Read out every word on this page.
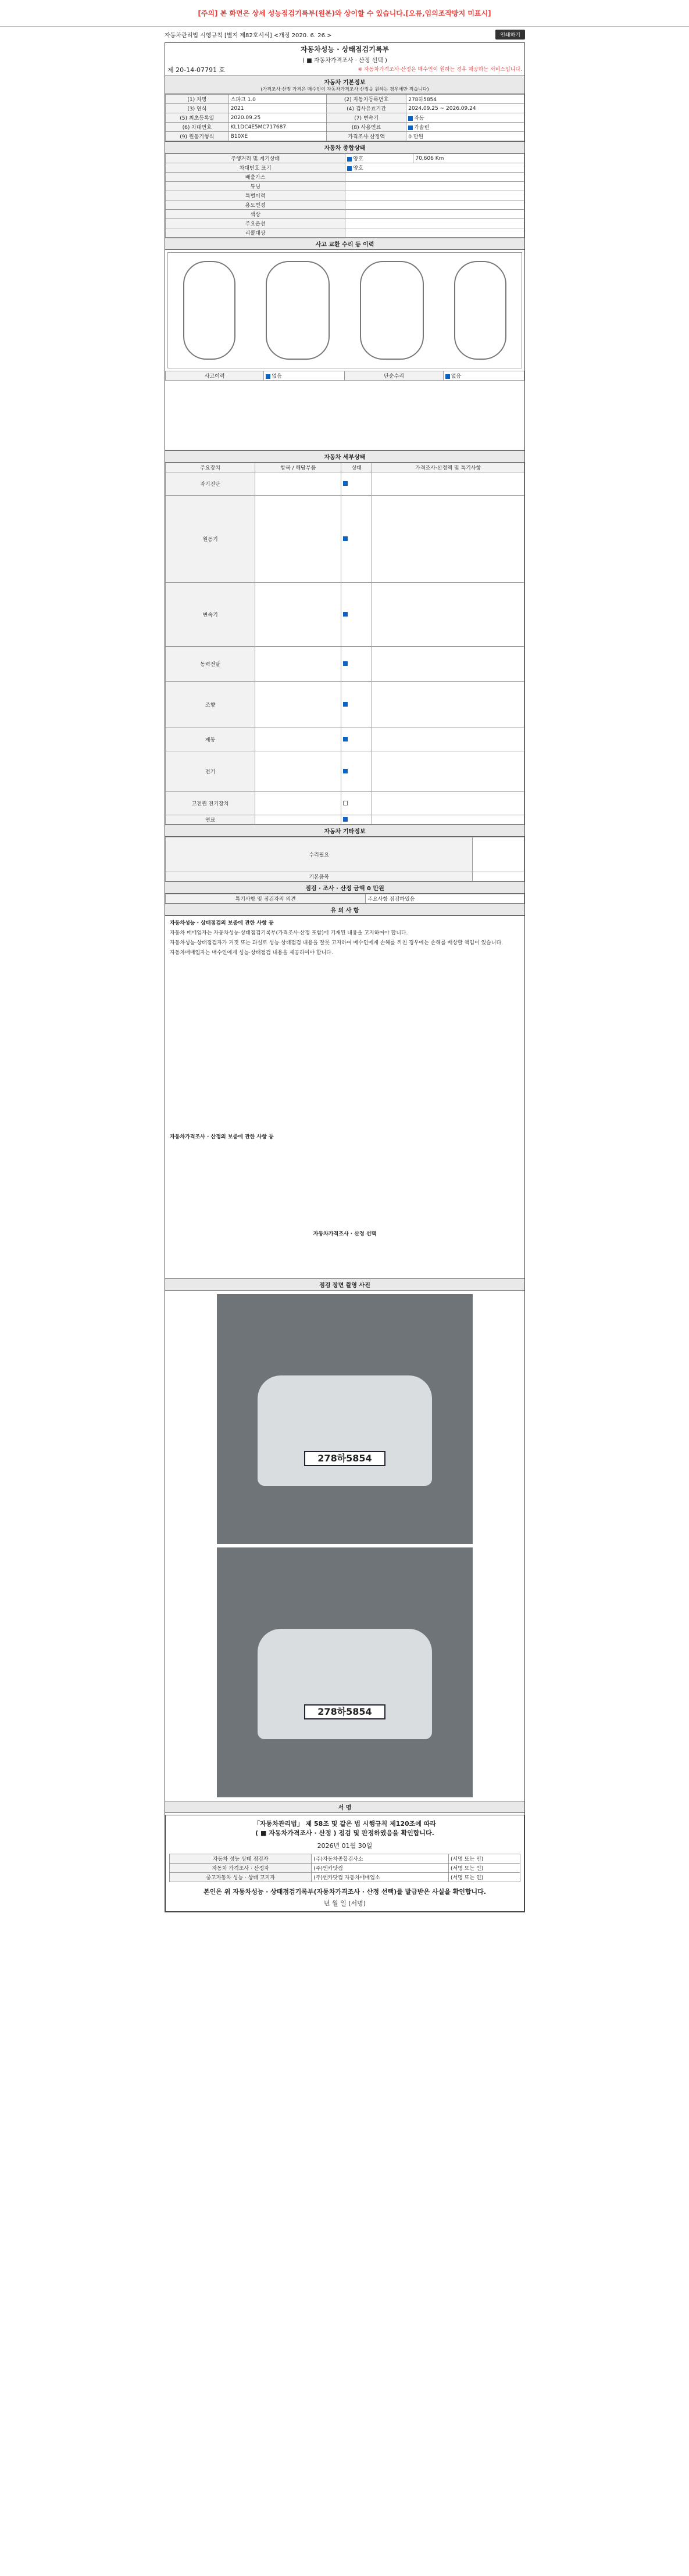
[주의] 본 화면은 상세 성능점검기록부(원본)와 상이할 수 있습니다.[오류,임의조작방지 미표시]
자동차관리법 시행규칙 [별지 제82호서식] <개정 2020. 6. 26.>	인쇄하기
자동차성능 · 상태점검기록부
( ■ 자동차가격조사 · 산정 선택 )
제 20-14-07791 호	※ 자동차가격조사·산정은 매수인이 원하는 경우 제공하는 서비스입니다.
자동차 기본정보
(가격조사·산정 가격은 매수인이 자동차가격조사·산정을 원하는 경우에만 적습니다)
(1) 차명	스파크 1.0	(2) 자동차등록번호	278하5854
(3) 연식	2021	(4) 검사유효기간	2024.09.25 ~ 2026.09.24
(5) 최초등록일	2020.09.25	(7) 변속기	자동
(6) 차대번호	KL1DC4E5MC717687	(8) 사용연료	가솔린
(9) 원동기형식	B10XE	가격조사·산정액	0 만원
자동차 종합상태
주행거리 및 계기상태	양호	70,606 Km
차대번호 표기	양호	
배출가스		
튜닝		
특별이력		
용도변경		
색상		
주요옵션		
리콜대상		
사고 교환 수리 등 이력
사고이력	없음	단순수리	없음
자동차 세부상태
주요장치	항목 / 해당부품	상태	가격조사·산정액 및 특기사항
자기진단			
원동기			
변속기			
동력전달			
조향			
제동			
전기			
고전원 전기장치			
연료			
자동차 기타정보
수리필요	
기본품목	
점검 · 조사 · 산정 금액 0 만원
특기사항 및 점검자의 의견	주요사항 점검하였음
유 의 사 항

자동차성능 · 상태점검의 보증에 관한 사항 등

자동차 매매업자는 자동차성능·상태점검기록부(가격조사·산정 포함)에 기재된 내용을 고지하여야 합니다.

자동차성능·상태점검자가 거짓 또는 과실로 성능·상태점검 내용을 잘못 고지하여 매수인에게 손해를 끼친 경우에는 손해를 배상할 책임이 있습니다.

자동차매매업자는 매수인에게 성능·상태점검 내용을 제공하여야 합니다.

자동차가격조사 · 산정의 보증에 관한 사항 등

자동차가격조사 · 산정 선택

점검 장면 촬영 사진
278하5854
278하5854
서 명

「자동차관리법」 제 58조 및 같은 법 시행규칙 제120조에 따라

( ■ 자동차가격조사 · 산정 ) 점검 및 판정하였음을 확인합니다.

2026년 01월 30일

자동차 성능 상태 점검자	(주)자동차종합검사소	(서명 또는 인)
자동차 가격조사 · 산정자	(주)엔카닷컴	(서명 또는 인)
중고자동차 성능 · 상태 고지자	(주)엔카닷컴 자동차매매업소	(서명 또는 인)

본인은 위 자동차성능 · 상태점검기록부(자동차가격조사 · 산정 선택)를 발급받은 사실을 확인합니다.

년 월 일 (서명)
